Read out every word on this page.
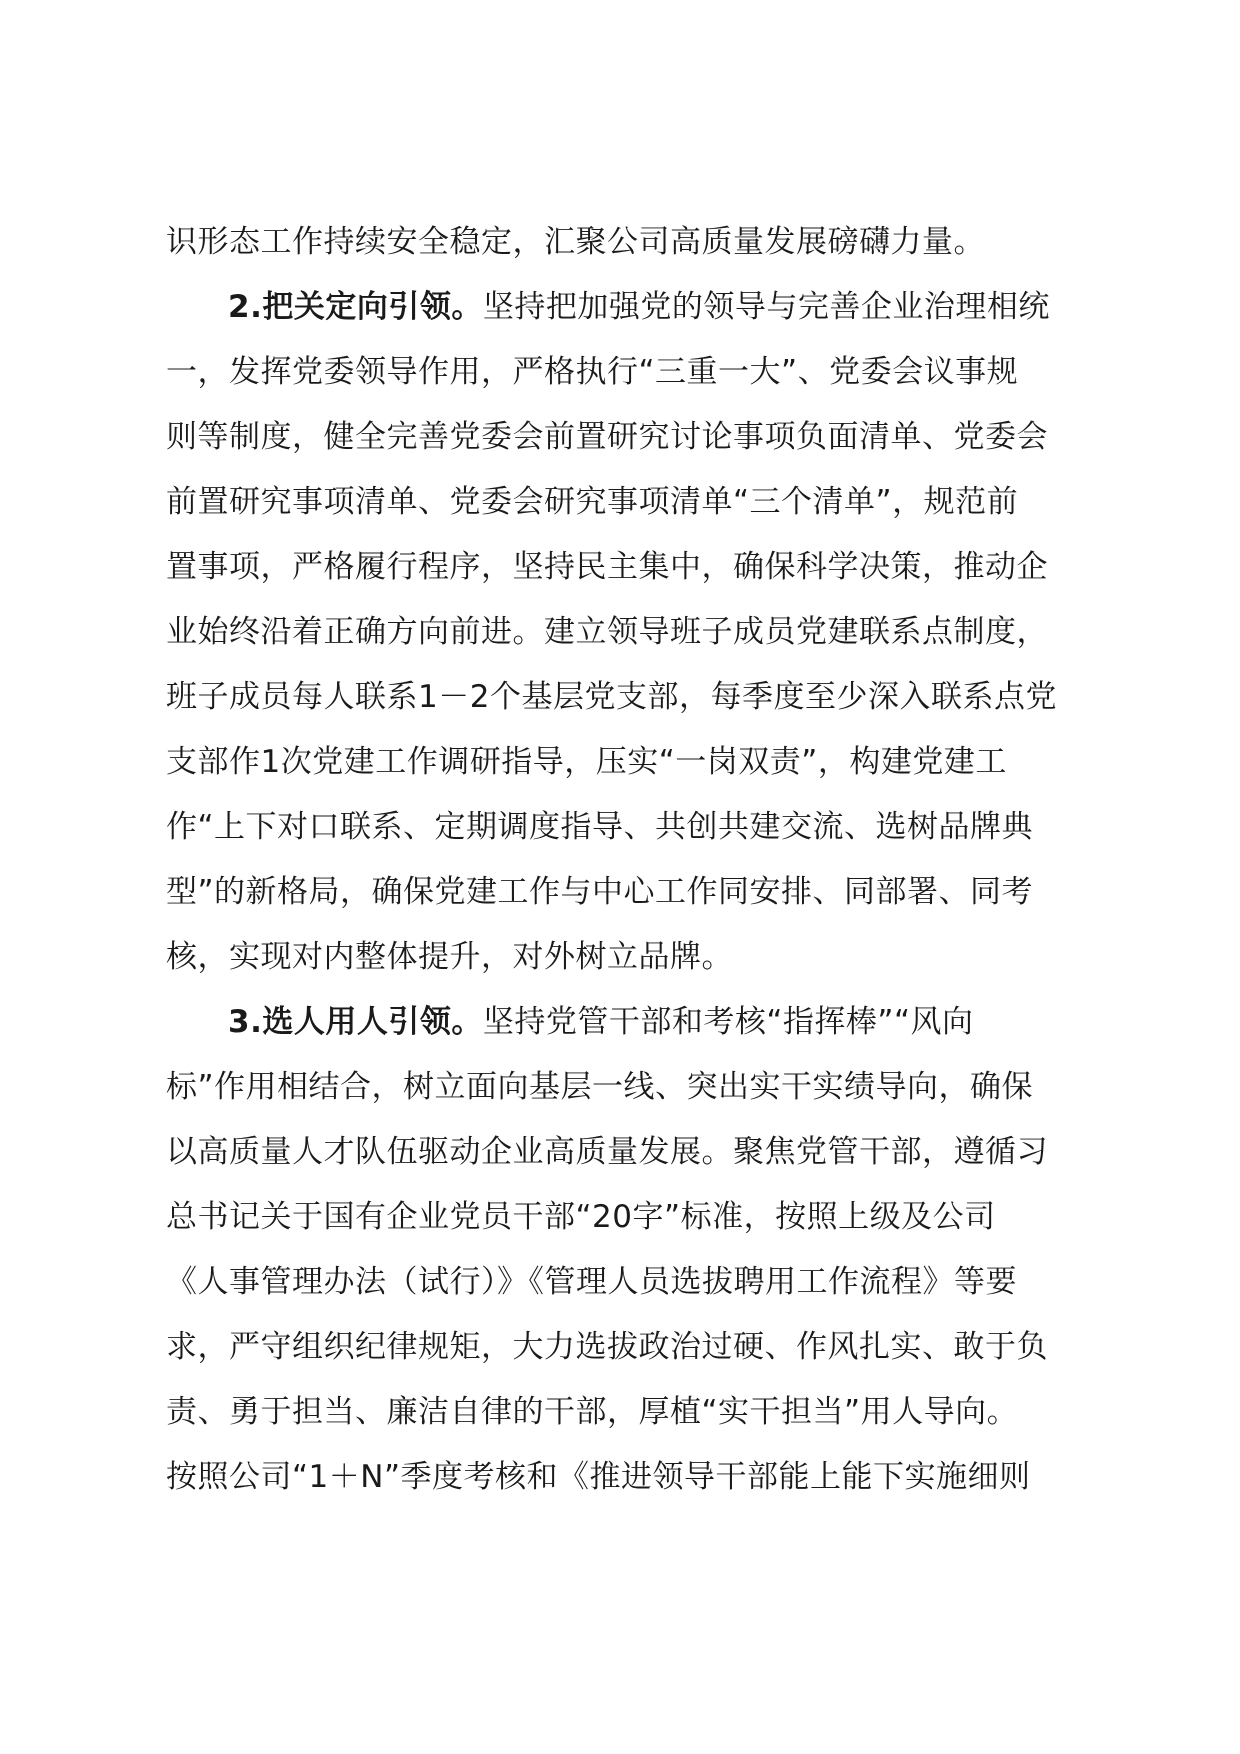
识形态工作持续安全稳定，汇聚公司高质量发展磅礴力量。
2.把关定向引领。坚持把加强党的领导与完善企业治理相统
一，发挥党委领导作用，严格执行“三重一大”、党委会议事规
则等制度，健全完善党委会前置研究讨论事项负面清单、党委会
前置研究事项清单、党委会研究事项清单“三个清单”，规范前
置事项，严格履行程序，坚持民主集中，确保科学决策，推动企
业始终沿着正确方向前进。建立领导班子成员党建联系点制度，
班子成员每人联系1－2个基层党支部，每季度至少深入联系点党
支部作1次党建工作调研指导，压实“一岗双责”，构建党建工
作“上下对口联系、定期调度指导、共创共建交流、选树品牌典
型”的新格局，确保党建工作与中心工作同安排、同部署、同考
核，实现对内整体提升，对外树立品牌。
3.选人用人引领。坚持党管干部和考核“指挥棒”“风向
标”作用相结合，树立面向基层一线、突出实干实绩导向，确保
以高质量人才队伍驱动企业高质量发展。聚焦党管干部，遵循习
总书记关于国有企业党员干部“20字”标准，按照上级及公司
《人事管理办法（试行）》《管理人员选拔聘用工作流程》等要
求，严守组织纪律规矩，大力选拔政治过硬、作风扎实、敢于负
责、勇于担当、廉洁自律的干部，厚植“实干担当”用人导向。
按照公司“1＋N”季度考核和《推进领导干部能上能下实施细则
